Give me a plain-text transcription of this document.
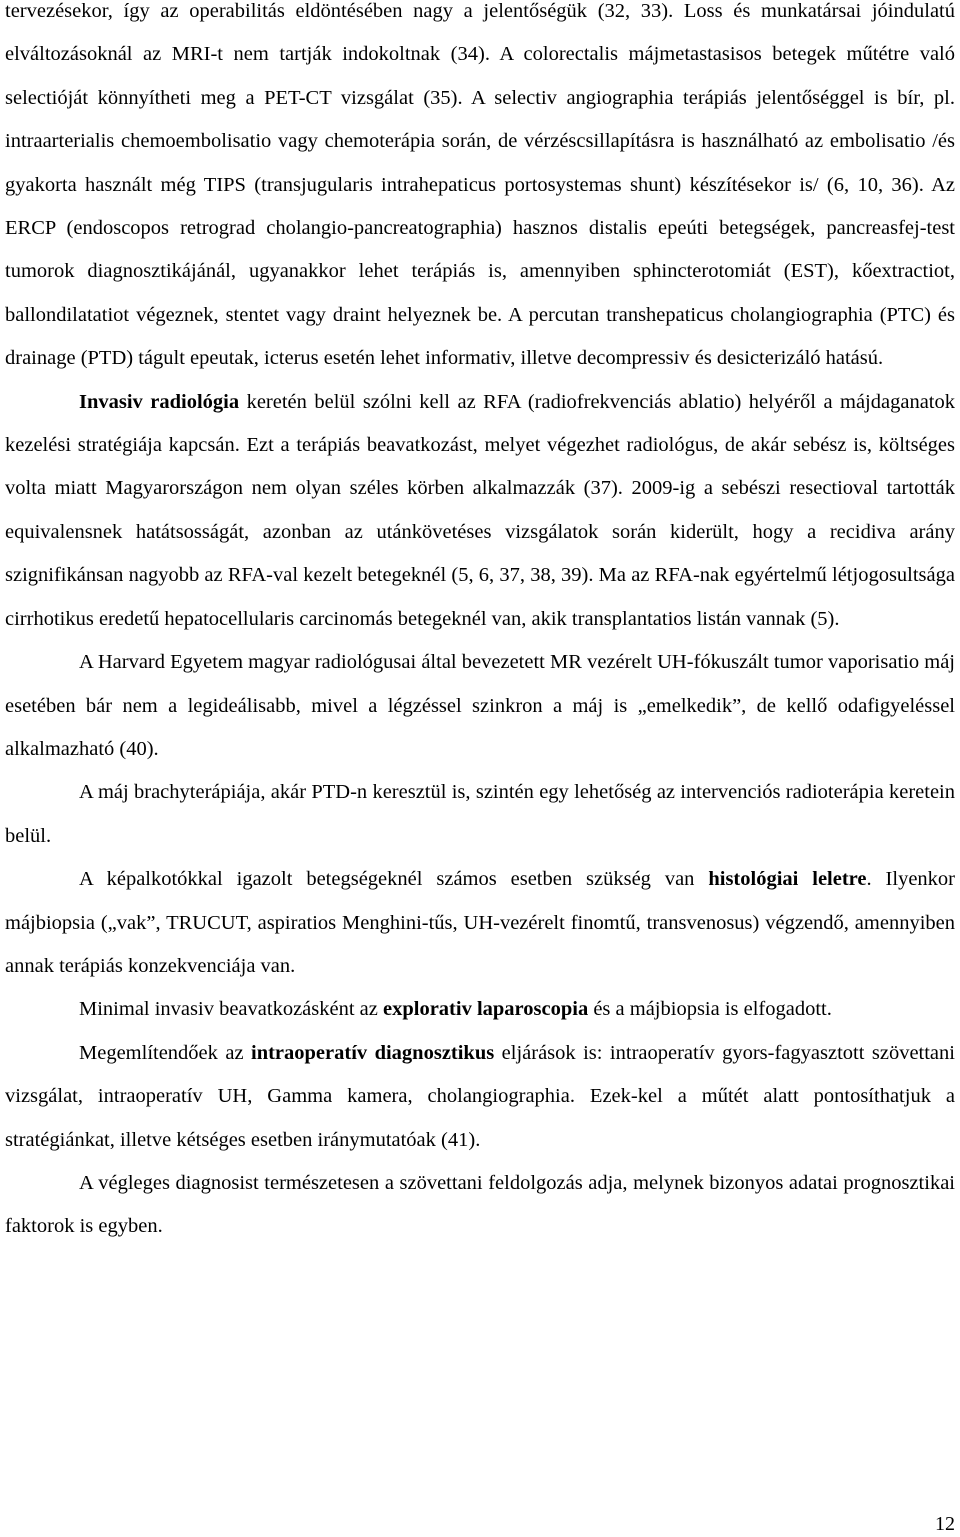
tervezésekor, így az operabilitás eldöntésében nagy a jelentőségük (32, 33). Loss és munkatársai jóindulatú elváltozásoknál az MRI-t nem tartják indokoltnak (34). A colorectalis májmetastasisos betegek műtétre való selectióját könnyítheti meg a PET-CT vizsgálat (35). A selectiv angiographia terápiás jelentőséggel is bír, pl. intraarterialis chemoembolisatio vagy chemoterápia során, de vérzéscsillapításra is használható az embolisatio /és gyakorta használt még TIPS (transjugularis intrahepaticus portosystemas shunt) készítésekor is/ (6, 10, 36). Az ERCP (endoscopos retrograd cholangio-pancreatographia) hasznos distalis epeúti betegségek, pancreasfej-test tumorok diagnosztikájánál, ugyanakkor lehet terápiás is, amennyiben sphincterotomiát (EST), kőextractiot, ballondilatatiot végeznek, stentet vagy draint helyeznek be. A percutan transhepaticus cholangiographia (PTC) és drainage (PTD) tágult epeutak, icterus esetén lehet informativ, illetve decompressiv és desicterizáló hatású.

Invasiv radiológia keretén belül szólni kell az RFA (radiofrekvenciás ablatio) helyéről a májdaganatok kezelési stratégiája kapcsán. Ezt a terápiás beavatkozást, melyet végezhet radiológus, de akár sebész is, költséges volta miatt Magyarországon nem olyan széles körben alkalmazzák (37). 2009-ig a sebészi resectioval tartották equivalensnek hatátsosságát, azonban az utánkövetéses vizsgálatok során kiderült, hogy a recidiva arány szignifikánsan nagyobb az RFA-val kezelt betegeknél (5, 6, 37, 38, 39). Ma az RFA-nak egyértelmű létjogosultsága cirrhotikus eredetű hepatocellularis carcinomás betegeknél van, akik transplantatios listán vannak (5).

A Harvard Egyetem magyar radiológusai által bevezetett MR vezérelt UH-fókuszált tumor vaporisatio máj esetében bár nem a legideálisabb, mivel a légzéssel szinkron a máj is „emelkedik”, de kellő odafigyeléssel alkalmazható (40).

A máj brachyterápiája, akár PTD-n keresztül is, szintén egy lehetőség az intervenciós radioterápia keretein belül.

A képalkotókkal igazolt betegségeknél számos esetben szükség van histológiai leletre. Ilyenkor májbiopsia („vak”, TRUCUT, aspiratios Menghini-tűs, UH-vezérelt finomtű, transvenosus) végzendő, amennyiben annak terápiás konzekvenciája van.

Minimal invasiv beavatkozásként az explorativ laparoscopia és a májbiopsia is elfogadott.

Megemlítendőek az intraoperatív diagnosztikus eljárások is: intraoperatív gyors-fagyasztott szövettani vizsgálat, intraoperatív UH, Gamma kamera, cholangiographia. Ezek-kel a műtét alatt pontosíthatjuk a stratégiánkat, illetve kétséges esetben iránymutatóak (41).

A végleges diagnosist természetesen a szövettani feldolgozás adja, melynek bizonyos adatai prognosztikai faktorok is egyben.

12
